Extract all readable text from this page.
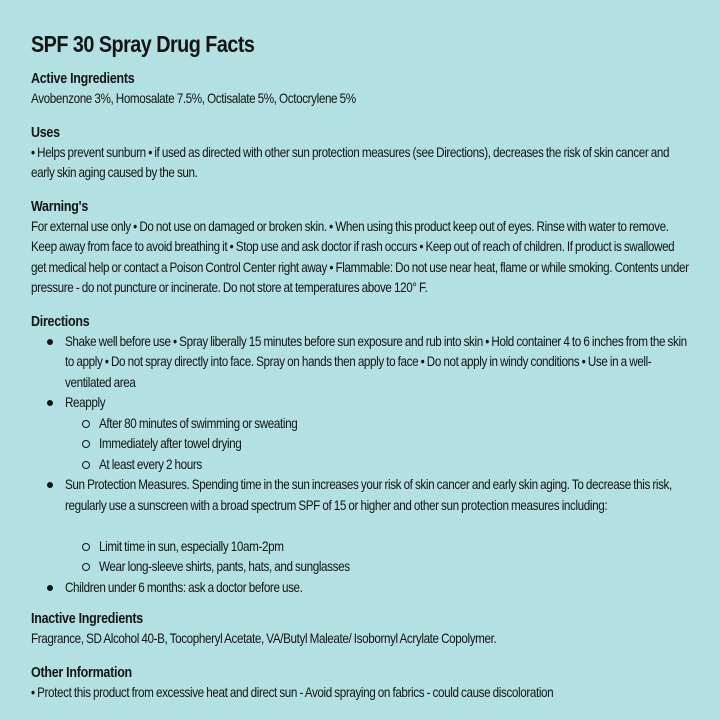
SPF 30 Spray Drug Facts
Active Ingredients
Avobenzone 3%, Homosalate 7.5%, Octisalate 5%, Octocrylene 5%
Uses
• Helps prevent sunburn • if used as directed with other sun protection measures (see Directions), decreases the risk of skin cancer and early skin aging caused by the sun.
Warning's
For external use only • Do not use on damaged or broken skin. • When using this product keep out of eyes. Rinse with water to remove. Keep away from face to avoid breathing it • Stop use and ask doctor if rash occurs • Keep out of reach of children. If product is swallowed get medical help or contact a Poison Control Center right away • Flammable: Do not use near heat, flame or while smoking. Contents under pressure - do not puncture or incinerate. Do not store at temperatures above 120° F.
Directions
Shake well before use • Spray liberally 15 minutes before sun exposure and rub into skin • Hold container 4 to 6 inches from the skin to apply • Do not spray directly into face. Spray on hands then apply to face • Do not apply in windy conditions • Use in a well-ventilated area
Reapply
After 80 minutes of swimming or sweating
Immediately after towel drying
At least every 2 hours
Sun Protection Measures. Spending time in the sun increases your risk of skin cancer and early skin aging. To decrease this risk, regularly use a sunscreen with a broad spectrum SPF of 15 or higher and other sun protection measures including:
Limit time in sun, especially 10am-2pm
Wear long-sleeve shirts, pants, hats, and sunglasses
Children under 6 months: ask a doctor before use.
Inactive Ingredients
Fragrance, SD Alcohol 40-B, Tocopheryl Acetate, VA/Butyl Maleate/ Isobornyl Acrylate Copolymer.
Other Information
• Protect this product from excessive heat and direct sun - Avoid spraying on fabrics - could cause discoloration
